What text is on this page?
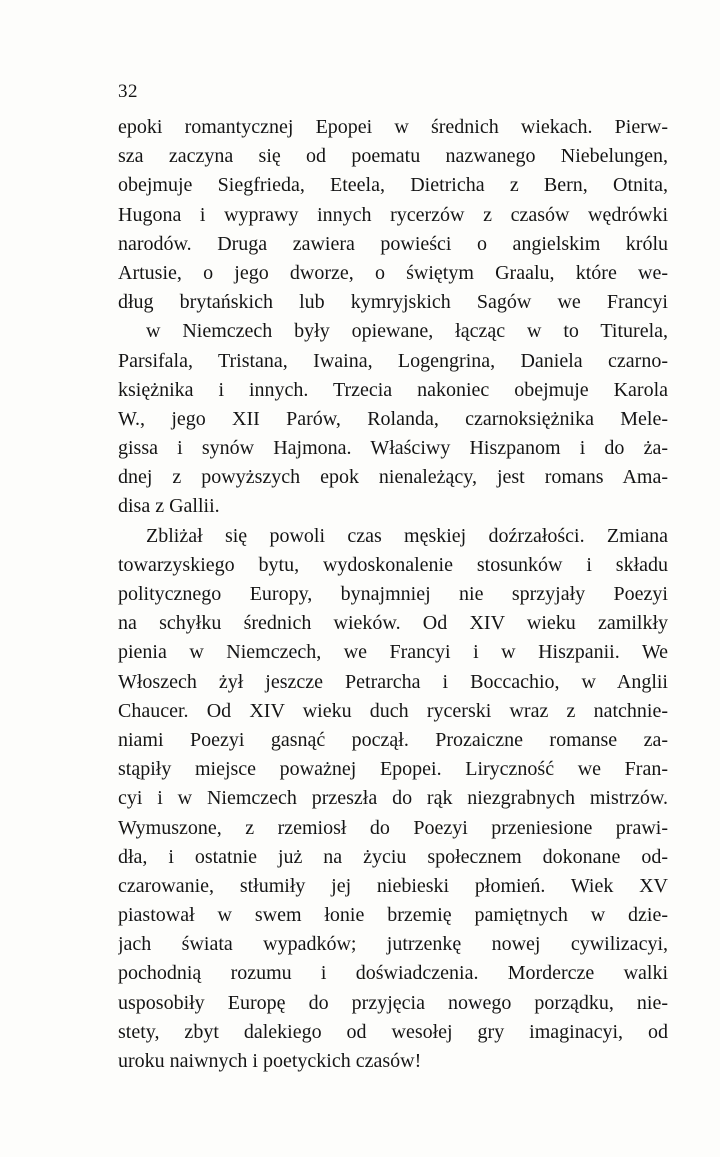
32
epoki romantycznej Epopei w średnich wiekach. Pierw-
sza zaczyna się od poematu nazwanego Niebelungen,
obejmuje Siegfrieda, Eteela, Dietricha z Bern, Otnita,
Hugona i wyprawy innych rycerzów z czasów wędrówki
narodów. Druga zawiera powieści o angielskim królu
Artusie, o jego dworze, o świętym Graalu, które we-
dług brytańskich lub kymryjskich Sagów we Francyi
w Niemczech były opiewane, łącząc w to Titurela,
Parsifala, Tristana, Iwaina, Logengrina, Daniela czarno-
księżnika i innych. Trzecia nakoniec obejmuje Karola
W., jego XII Parów, Rolanda, czarnoksiężnika Mele-
gissa i synów Hajmona. Właściwy Hiszpanom i do ża-
dnej z powyższych epok nienależący, jest romans Ama-
disa z Gallii.
Zbliżał się powoli czas męskiej doźrzałości. Zmiana
towarzyskiego bytu, wydoskonalenie stosunków i składu
politycznego Europy, bynajmniej nie sprzyjały Poezyi
na schyłku średnich wieków. Od XIV wieku zamilkły
pienia w Niemczech, we Francyi i w Hiszpanii. We
Włoszech żył jeszcze Petrarcha i Boccachio, w Anglii
Chaucer. Od XIV wieku duch rycerski wraz z natchnie-
niami Poezyi gasnąć począł. Prozaiczne romanse za-
stąpiły miejsce poważnej Epopei. Liryczność we Fran-
cyi i w Niemczech przeszła do rąk niezgrabnych mistrzów.
Wymuszone, z rzemiosł do Poezyi przeniesione prawi-
dła, i ostatnie już na życiu społecznem dokonane od-
czarowanie, stłumiły jej niebieski płomień. Wiek XV
piastował w swem łonie brzemię pamiętnych w dzie-
jach świata wypadków; jutrzenkę nowej cywilizacyi,
pochodnią rozumu i doświadczenia. Mordercze walki
usposobiły Europę do przyjęcia nowego porządku, nie-
stety, zbyt dalekiego od wesołej gry imaginacyi, od
uroku naiwnych i poetyckich czasów!
